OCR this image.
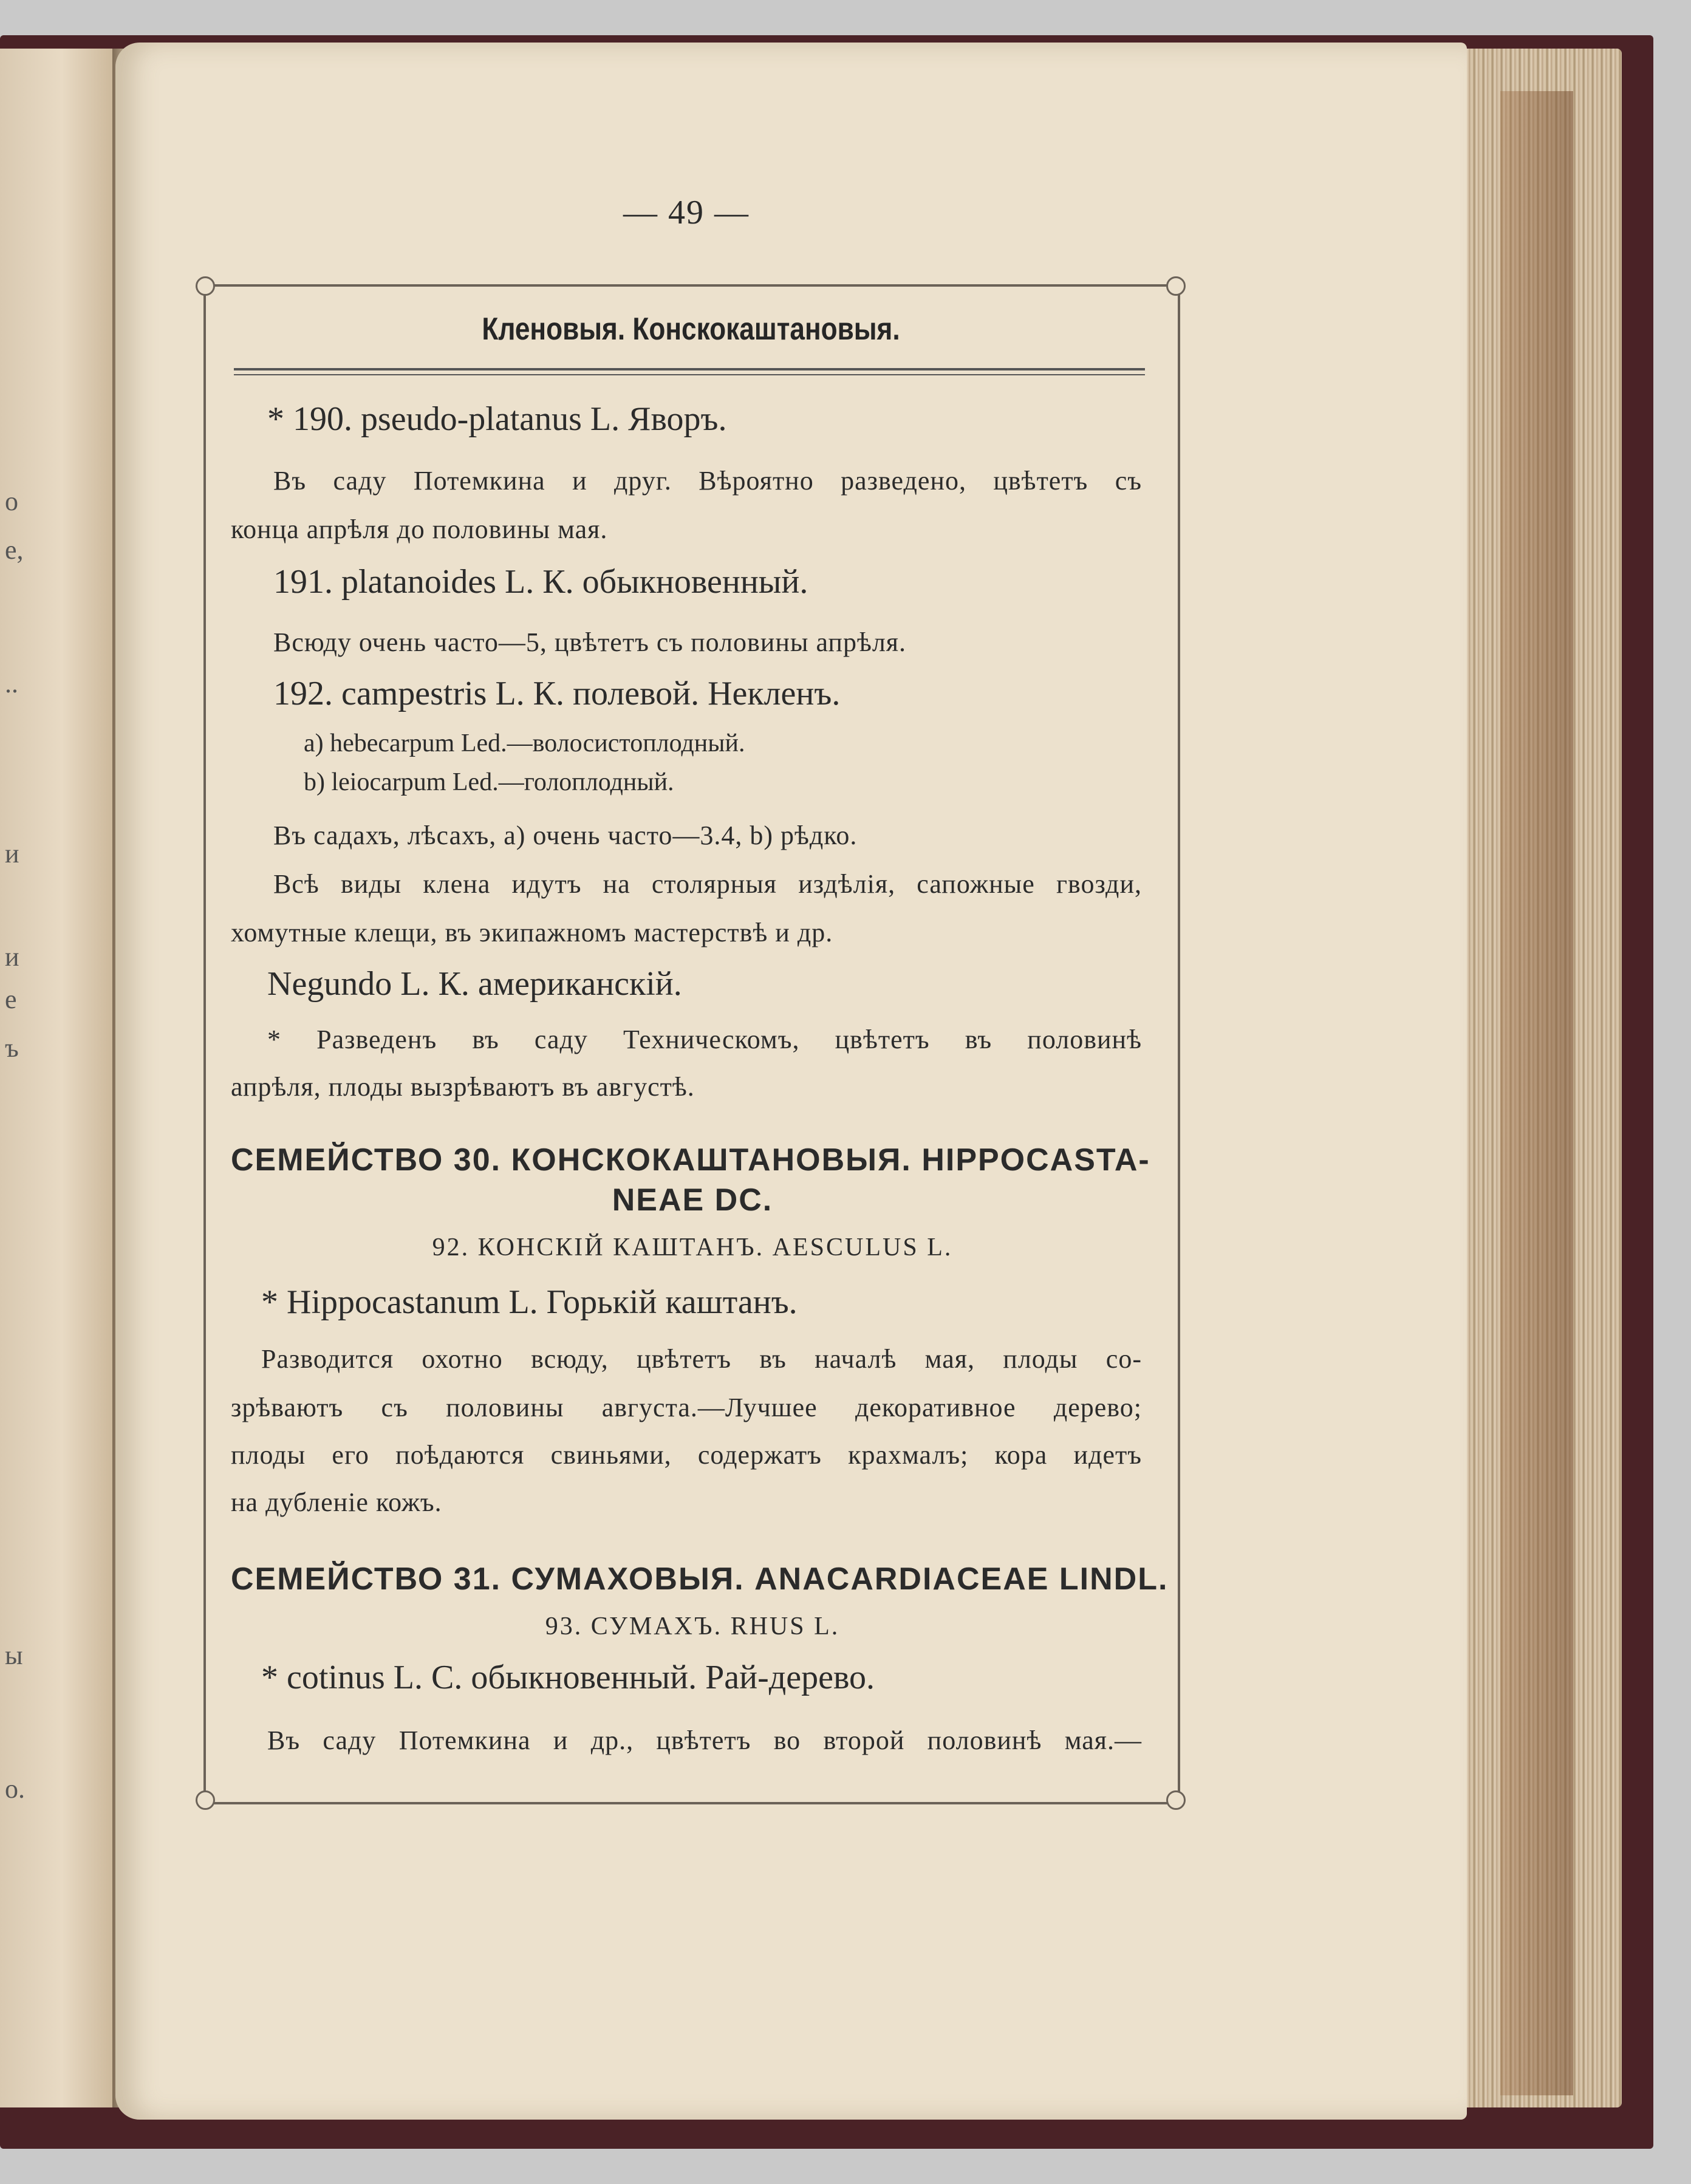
о
е,
..
и
и
е
ъ
ы
о.
— 49 —
Кленовыя. Конскокаштановыя.
* 190. pseudo-platanus L. Яворъ.
Въ саду Потемкина и друг. Вѣроятно разведено, цвѣтетъ съ
конца апрѣля до половины мая.
191. platanoides L. К. обыкновенный.
Всюду очень часто—5, цвѣтетъ съ половины апрѣля.
192. campestris L. К. полевой. Некленъ.
a) hebecarpum Led.—волосистоплодный.
b) leiocarpum Led.—голоплодный.
Въ садахъ, лѣсахъ, a) очень часто—3.4, b) рѣдко.
Всѣ виды клена идутъ на столярныя издѣлія, сапожные гвозди,
хомутные клещи, въ экипажномъ мастерствѣ и др.
Negundo L. К. американскій.
* Разведенъ въ саду Техническомъ, цвѣтетъ въ половинѣ
апрѣля, плоды вызрѣваютъ въ августѣ.
СЕМЕЙСТВО 30. КОНСКОКАШТАНОВЫЯ. HIPPOCASTA-
NEAE DC.
92. КОНСКІЙ КАШТАНЪ. AESCULUS L.
* Hippocastanum L. Горькій каштанъ.
Разводится охотно всюду, цвѣтетъ въ началѣ мая, плоды со-
зрѣваютъ съ половины августа.—Лучшее декоративное дерево;
плоды его поѣдаются свиньями, содержатъ крахмалъ; кора идетъ
на дубленіе кожъ.
СЕМЕЙСТВО 31. СУМАХОВЫЯ. ANACARDIACEAE LINDL.
93. СУМАХЪ. RHUS L.
* cotinus L. C. обыкновенный. Рай-дерево.
Въ саду Потемкина и др., цвѣтетъ во второй половинѣ мая.—
